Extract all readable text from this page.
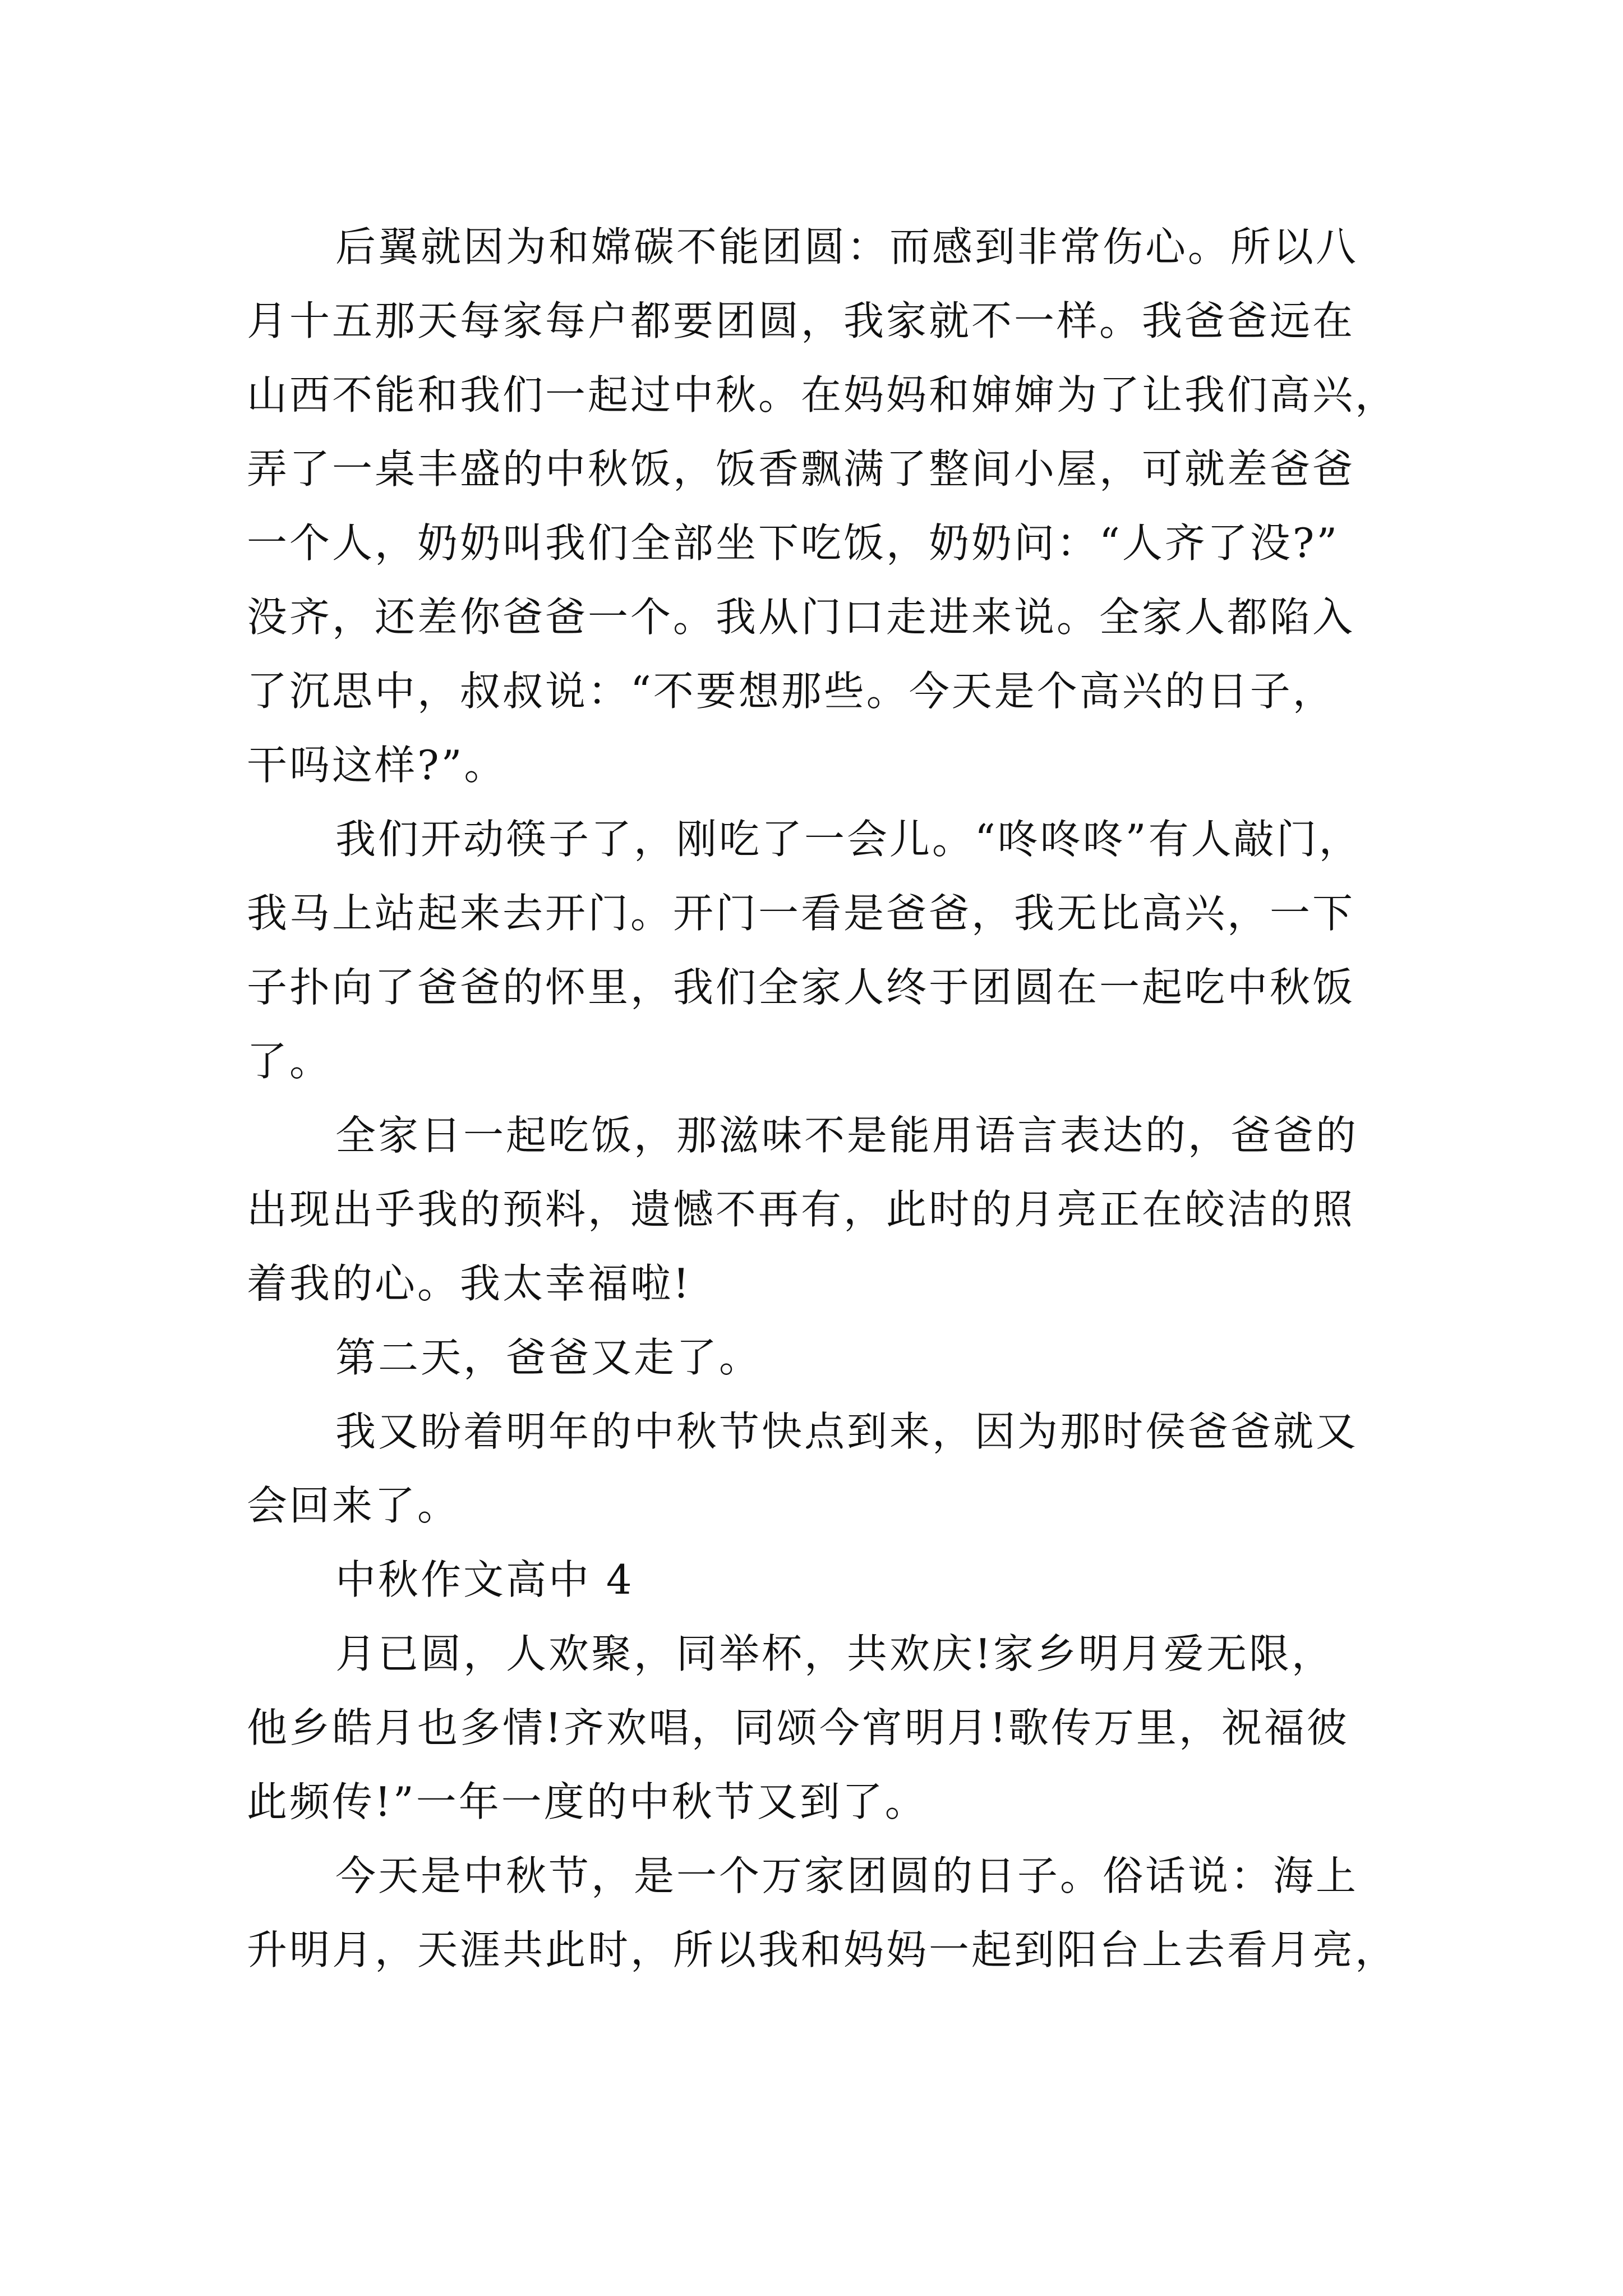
后翼就因为和嫦碳不能团圆：而感到非常伤心。所以八
月十五那天每家每户都要团圆，我家就不一样。我爸爸远在
山西不能和我们一起过中秋。在妈妈和婶婶为了让我们高兴，
弄了一桌丰盛的中秋饭，饭香飘满了整间小屋，可就差爸爸
一个人，奶奶叫我们全部坐下吃饭，奶奶问：“人齐了没?”
没齐，还差你爸爸一个。我从门口走进来说。全家人都陷入
了沉思中，叔叔说：“不要想那些。今天是个高兴的日子，
干吗这样?”。
我们开动筷子了，刚吃了一会儿。“咚咚咚”有人敲门，
我马上站起来去开门。开门一看是爸爸，我无比高兴，一下
子扑向了爸爸的怀里，我们全家人终于团圆在一起吃中秋饭
了。
全家日一起吃饭，那滋味不是能用语言表达的，爸爸的
出现出乎我的预料，遗憾不再有，此时的月亮正在皎洁的照
着我的心。我太幸福啦!
第二天，爸爸又走了。
我又盼着明年的中秋节快点到来，因为那时侯爸爸就又
会回来了。
中秋作文高中 4
月已圆，人欢聚，同举杯，共欢庆!家乡明月爱无限，
他乡皓月也多情!齐欢唱，同颂今宵明月!歌传万里，祝福彼
此频传!”一年一度的中秋节又到了。
今天是中秋节，是一个万家团圆的日子。俗话说：海上
升明月，天涯共此时，所以我和妈妈一起到阳台上去看月亮，
